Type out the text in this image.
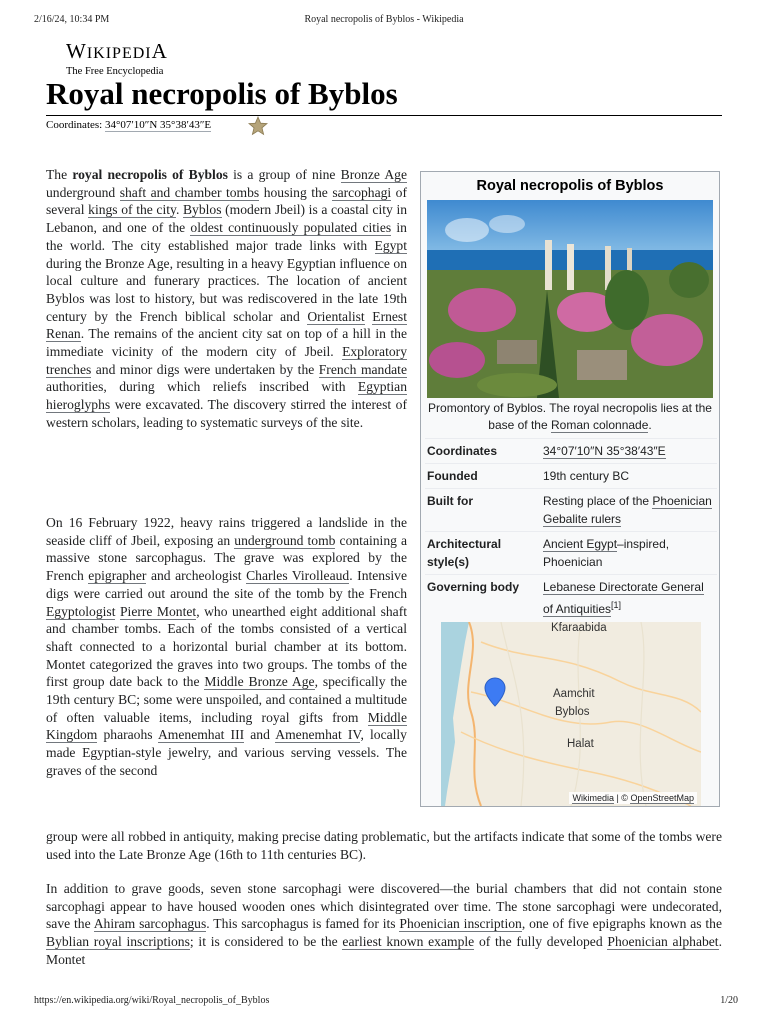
2/16/24, 10:34 PM	Royal necropolis of Byblos - Wikipedia
WIKIPEDIA
The Free Encyclopedia
Royal necropolis of Byblos
Coordinates: 34°07′10″N 35°38′43″E

The royal necropolis of Byblos is a group of nine Bronze Age underground shaft and chamber tombs housing the sarcophagi of several kings of the city. Byblos (modern Jbeil) is a coastal city in Lebanon, and one of the oldest continuously populated cities in the world. The city established major trade links with Egypt during the Bronze Age, resulting in a heavy Egyptian influence on local culture and funerary practices. The location of ancient Byblos was lost to history, but was rediscovered in the late 19th century by the French biblical scholar and Orientalist Ernest Renan. The remains of the ancient city sat on top of a hill in the immediate vicinity of the modern city of Jbeil. Exploratory trenches and minor digs were undertaken by the French mandate authorities, during which reliefs inscribed with Egyptian hieroglyphs were excavated. The discovery stirred the interest of western scholars, leading to systematic surveys of the site.

On 16 February 1922, heavy rains triggered a landslide in the seaside cliff of Jbeil, exposing an underground tomb containing a massive stone sarcophagus. The grave was explored by the French epigrapher and archeologist Charles Virolleaud. Intensive digs were carried out around the site of the tomb by the French Egyptologist Pierre Montet, who unearthed eight additional shaft and chamber tombs. Each of the tombs consisted of a vertical shaft connected to a horizontal burial chamber at its bottom. Montet categorized the graves into two groups. The tombs of the first group date back to the Middle Bronze Age, specifically the 19th century BC; some were unspoiled, and contained a multitude of often valuable items, including royal gifts from Middle Kingdom pharaohs Amenemhat III and Amenemhat IV, locally made Egyptian-style jewelry, and various serving vessels. The graves of the second

group were all robbed in antiquity, making precise dating problematic, but the artifacts indicate that some of the tombs were used into the Late Bronze Age (16th to 11th centuries BC).

In addition to grave goods, seven stone sarcophagi were discovered—the burial chambers that did not contain stone sarcophagi appear to have housed wooden ones which disintegrated over time. The stone sarcophagi were undecorated, save the Ahiram sarcophagus. This sarcophagus is famed for its Phoenician inscription, one of five epigraphs known as the Byblian royal inscriptions; it is considered to be the earliest known example of the fully developed Phoenician alphabet. Montet

Royal necropolis of Byblos
Promontory of Byblos. The royal necropolis lies at the base of the Roman colonnade.
Coordinates	34°07′10″N 35°38′43″E
Founded	19th century BC
Built for	Resting place of the Phoenician Gebalite rulers
Architectural style(s)	Ancient Egypt–inspired, Phoenician
Governing body	Lebanese Directorate General of Antiquities[1]
Kfaraabida
Aamchit
Byblos
Halat
Wikimedia | © OpenStreetMap
https://en.wikipedia.org/wiki/Royal_necropolis_of_Byblos	1/20
